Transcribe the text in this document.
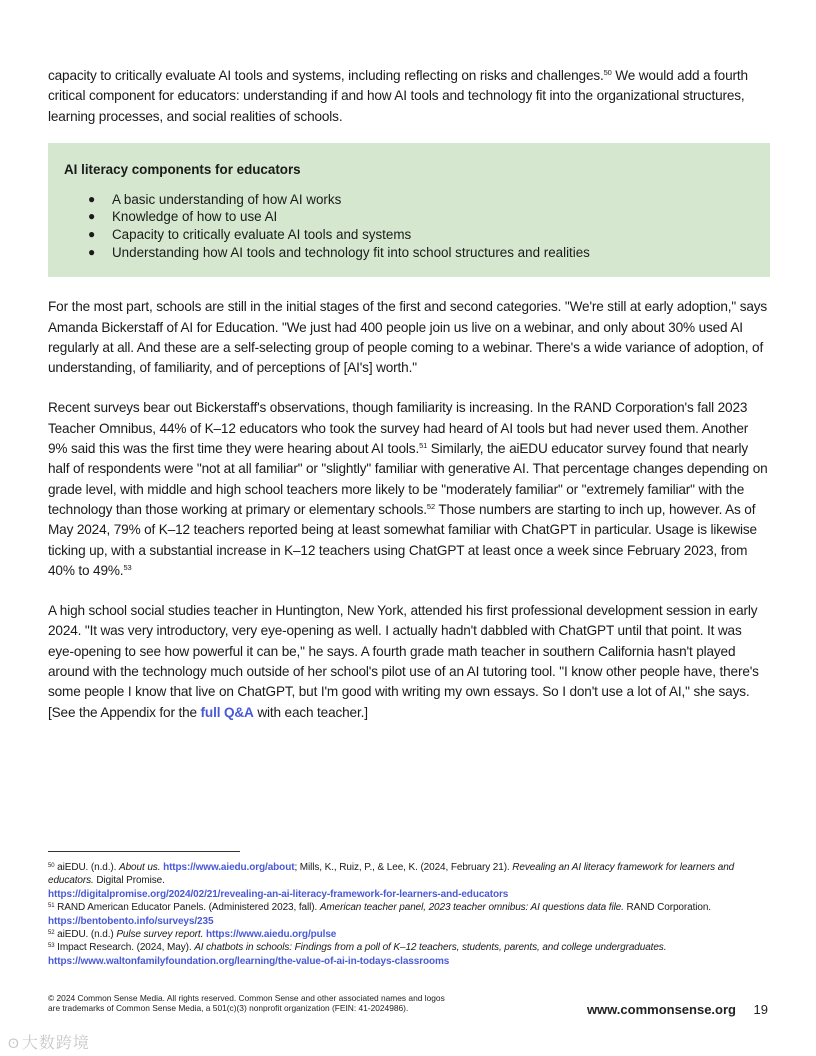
capacity to critically evaluate AI tools and systems, including reflecting on risks and challenges.$^{50}$ We would add a fourth critical component for educators: understanding if and how AI tools and technology fit into the organizational structures, learning processes, and social realities of schools.

AI literacy components for educators
● A basic understanding of how AI works
● Knowledge of how to use AI
● Capacity to critically evaluate AI tools and systems
● Understanding how AI tools and technology fit into school structures and realities

For the most part, schools are still in the initial stages of the first and second categories. "We're still at early adoption," says Amanda Bickerstaff of AI for Education. "We just had 400 people join us live on a webinar, and only about 30% used AI regularly at all. And these are a self-selecting group of people coming to a webinar. There's a wide variance of adoption, of understanding, of familiarity, and of perceptions of [AI's] worth."

Recent surveys bear out Bickerstaff's observations, though familiarity is increasing. In the RAND Corporation's fall 2023 Teacher Omnibus, 44% of K–12 educators who took the survey had heard of AI tools but had never used them. Another 9% said this was the first time they were hearing about AI tools.$^{51}$ Similarly, the aiEDU educator survey found that nearly half of respondents were "not at all familiar" or "slightly" familiar with generative AI. That percentage changes depending on grade level, with middle and high school teachers more likely to be "moderately familiar" or "extremely familiar" with the technology than those working at primary or elementary schools.$^{52}$ Those numbers are starting to inch up, however. As of May 2024, 79% of K–12 teachers reported being at least somewhat familiar with ChatGPT in particular. Usage is likewise ticking up, with a substantial increase in K–12 teachers using ChatGPT at least once a week since February 2023, from 40% to 49%.$^{53}$

A high school social studies teacher in Huntington, New York, attended his first professional development session in early 2024. "It was very introductory, very eye-opening as well. I actually hadn't dabbled with ChatGPT until that point. It was eye-opening to see how powerful it can be," he says. A fourth grade math teacher in southern California hasn't played around with the technology much outside of her school's pilot use of an AI tutoring tool. "I know other people have, there's some people I know that live on ChatGPT, but I'm good with writing my own essays. So I don't use a lot of AI," she says. [See the Appendix for the full Q&A with each teacher.]

$^{50}$ aiEDU. (n.d.). About us. https://www.aiedu.org/about; Mills, K., Ruiz, P., & Lee, K. (2024, February 21). Revealing an AI literacy framework for learners and educators. Digital Promise.
https://digitalpromise.org/2024/02/21/revealing-an-ai-literacy-framework-for-learners-and-educators
$^{51}$ RAND American Educator Panels. (Administered 2023, fall). American teacher panel, 2023 teacher omnibus: AI questions data file. RAND Corporation. https://bentobento.info/surveys/235
$^{52}$ aiEDU. (n.d.) Pulse survey report. https://www.aiedu.org/pulse
$^{53}$ Impact Research. (2024, May). AI chatbots in schools: Findings from a poll of K–12 teachers, students, parents, and college undergraduates.
https://www.waltonfamilyfoundation.org/learning/the-value-of-ai-in-todays-classrooms
© 2024 Common Sense Media. All rights reserved. Common Sense and other associated names and logos
are trademarks of Common Sense Media, a 501(c)(3) nonprofit organization (FEIN: 41-2024986).	www.commonsense.org 19
ʘ 大数跨境
